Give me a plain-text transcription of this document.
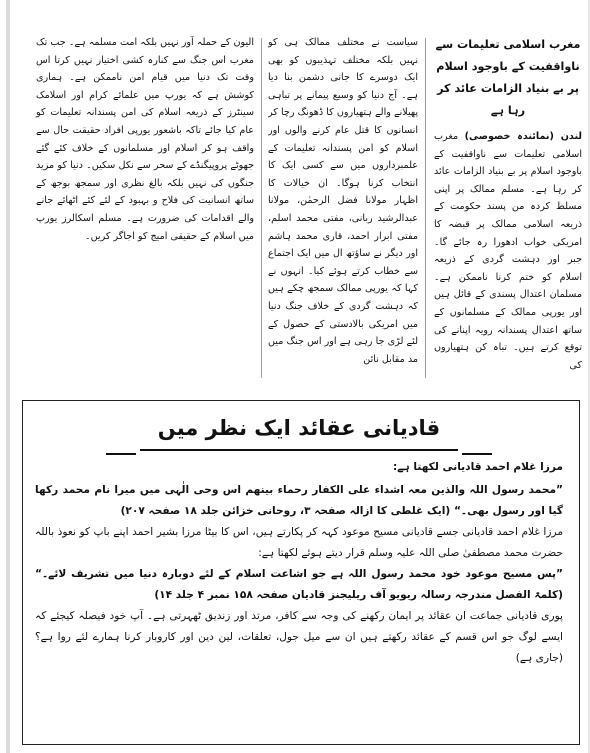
مغرب اسلامی تعلیمات سے ناواقفیت کے باوجود اسلام پر بے بنیاد الزامات عائد کر رہا ہے

لندن (نمائندہ خصوصی) مغرب اسلامی تعلیمات سے ناواقفیت کے باوجود اسلام پر بے بنیاد الزامات عائد کر رہا ہے۔ مسلم ممالک پر اپنی مسلط کردہ من پسند حکومت کے ذریعہ اسلامی ممالک پر قبضہ کا امریکی خواب ادھورا رہ جائے گا۔ جبر اور دہشت گردی کے ذریعہ اسلام کو ختم کرنا ناممکن ہے۔ مسلمان اعتدال پسندی کے قائل ہیں اور یورپی ممالک کے مسلمانوں کے ساتھ اعتدال پسندانہ رویہ اپنانے کی توقع کرتے ہیں۔ تباہ کن ہتھیاروں کی

سیاست نے مختلف ممالک ہی کو نہیں بلکہ مختلف تہذیبوں کو بھی ایک دوسرے کا جانی دشمن بنا دیا ہے۔ آج دنیا کو وسیع پیمانے پر تباہی پھیلانے والے ہتھیاروں کا ڈھونگ رچا کر انسانوں کا قتل عام کرنے والوں اور اسلام کو امن پسندانہ تعلیمات کے علمبرداروں میں سے کسی ایک کا انتخاب کرنا ہوگا۔ ان خیالات کا اظہار مولانا فضل الرحمٰن، مولانا عبدالرشید ربانی، مفتی محمد اسلم، مفتی ابرار احمد، قاری محمد ہاشم اور دیگر نے ساؤتھ ال میں ایک اجتماع سے خطاب کرتے ہوئے کیا۔ انہوں نے کہا کہ یورپی ممالک سمجھ چکے ہیں کہ دہشت گردی کے خلاف جنگ دنیا میں امریکی بالادستی کے حصول کے لئے لڑی جا رہی ہے اور اس جنگ میں مد مقابل نائن

الیون کے حملہ آور نہیں بلکہ امت مسلمہ ہے۔ جب تک مغرب اس جنگ سے کنارہ کشی اختیار نہیں کرتا اس وقت تک دنیا میں قیام امن ناممکن ہے۔ ہماری کوشش ہے کہ یورپ میں علمائے کرام اور اسلامک سینٹرز کے ذریعہ اسلام کی امن پسندانہ تعلیمات کو عام کیا جائے تاکہ باشعور یورپی افراد حقیقت حال سے واقف ہو کر اسلام اور مسلمانوں کے خلاف کئے گئے جھوٹے پروپیگنڈے کے سحر سے نکل سکیں۔ دنیا کو مزید جنگوں کی نہیں بلکہ بالغ نظری اور سمجھ بوجھ کے ساتھ انسانیت کی فلاح و بہبود کے لئے کئے اٹھائے جانے والے اقدامات کی ضرورت ہے۔ مسلم اسکالرز یورپ میں اسلام کے حقیقی امیج کو اجاگر کریں۔

قادیانی عقائد ایک نظر میں

مرزا غلام احمد قادیانی لکھتا ہے:

”محمد رسول اللہ والذین معہ اشداء علی الکفار رحماء بینھم اس وحی الٰہی میں میرا نام محمد رکھا گیا اور رسول بھی۔“ (ایک غلطی کا ازالہ صفحہ ۳، روحانی خزائن جلد ۱۸ صفحہ ۲۰۷)

مرزا غلام احمد قادیانی جسے قادیانی مسیح موعود کہہ کر پکارتے ہیں، اس کا بیٹا مرزا بشیر احمد اپنے باپ کو نعوذ باللہ حضرت محمد مصطفیٰ صلی اللہ علیہ وسلم قرار دیتے ہوئے لکھتا ہے:

”پس مسیح موعود خود محمد رسول اللہ ہے جو اشاعت اسلام کے لئے دوبارہ دنیا میں تشریف لائے۔“ (کلمۃ الفصل مندرجہ رسالہ ریویو آف ریلیجنز قادیان صفحہ ۱۵۸ نمبر ۴ جلد ۱۴)

پوری قادیانی جماعت ان عقائد پر ایمان رکھنے کی وجہ سے کافر، مرتد اور زندیق ٹھہرتی ہے۔ آپ خود فیصلہ کیجئے کہ ایسے لوگ جو اس قسم کے عقائد رکھتے ہیں ان سے میل جول، تعلقات، لین دین اور کاروبار کرنا ہمارے لئے روا ہے؟ (جاری ہے)
